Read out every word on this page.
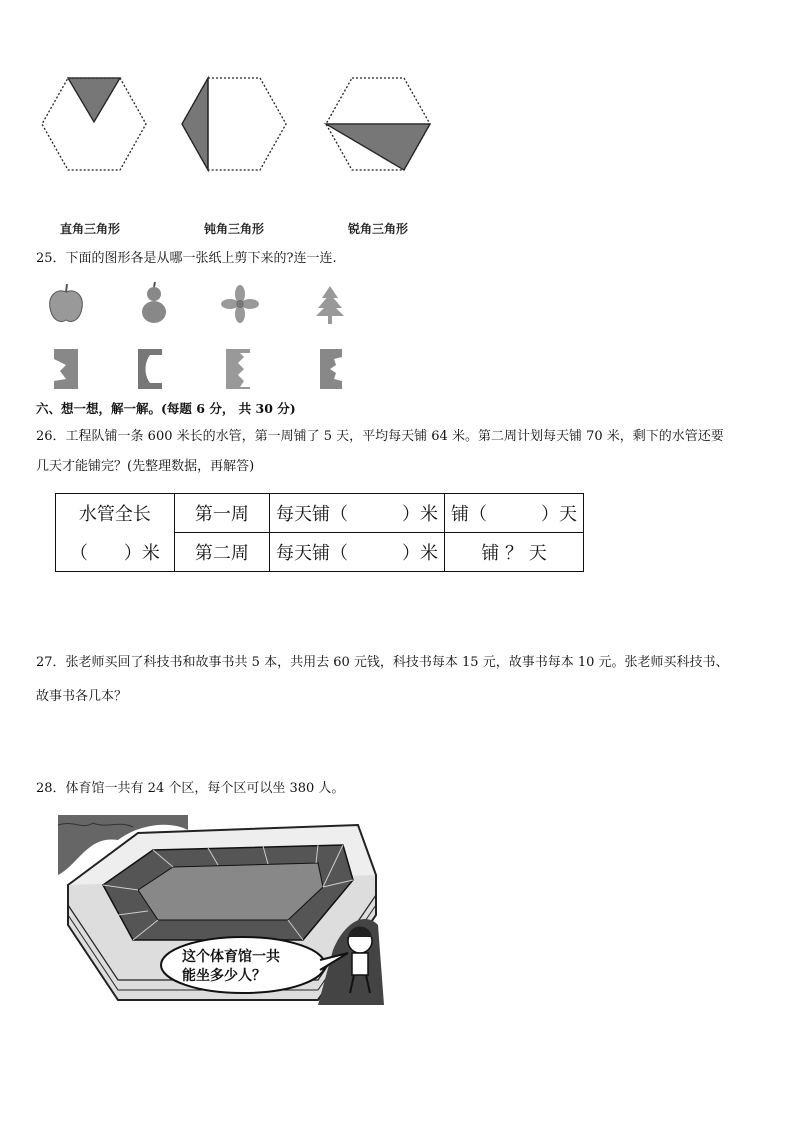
直角三角形	钝角三角形	锐角三角形
25．下面的图形各是从哪一张纸上剪下来的?连一连.
六、想一想，解一解。(每题 6 分， 共 30 分)
26．工程队铺一条 600 米长的水管，第一周铺了 5 天，平均每天铺 64 米。第二周计划每天铺 70 米，剩下的水管还要
几天才能铺完？(先整理数据，再解答)
水管全长	第一周	每天铺（　　　）米	铺（　　　）天
（　　）米	第二周	每天铺（　　　）米	铺 ？ 天
27．张老师买回了科技书和故事书共 5 本，共用去 60 元钱，科技书每本 15 元，故事书每本 10 元。张老师买科技书、
故事书各几本？
28．体育馆一共有 24 个区，每个区可以坐 380 人。
这个体育馆一共
能坐多少人？
